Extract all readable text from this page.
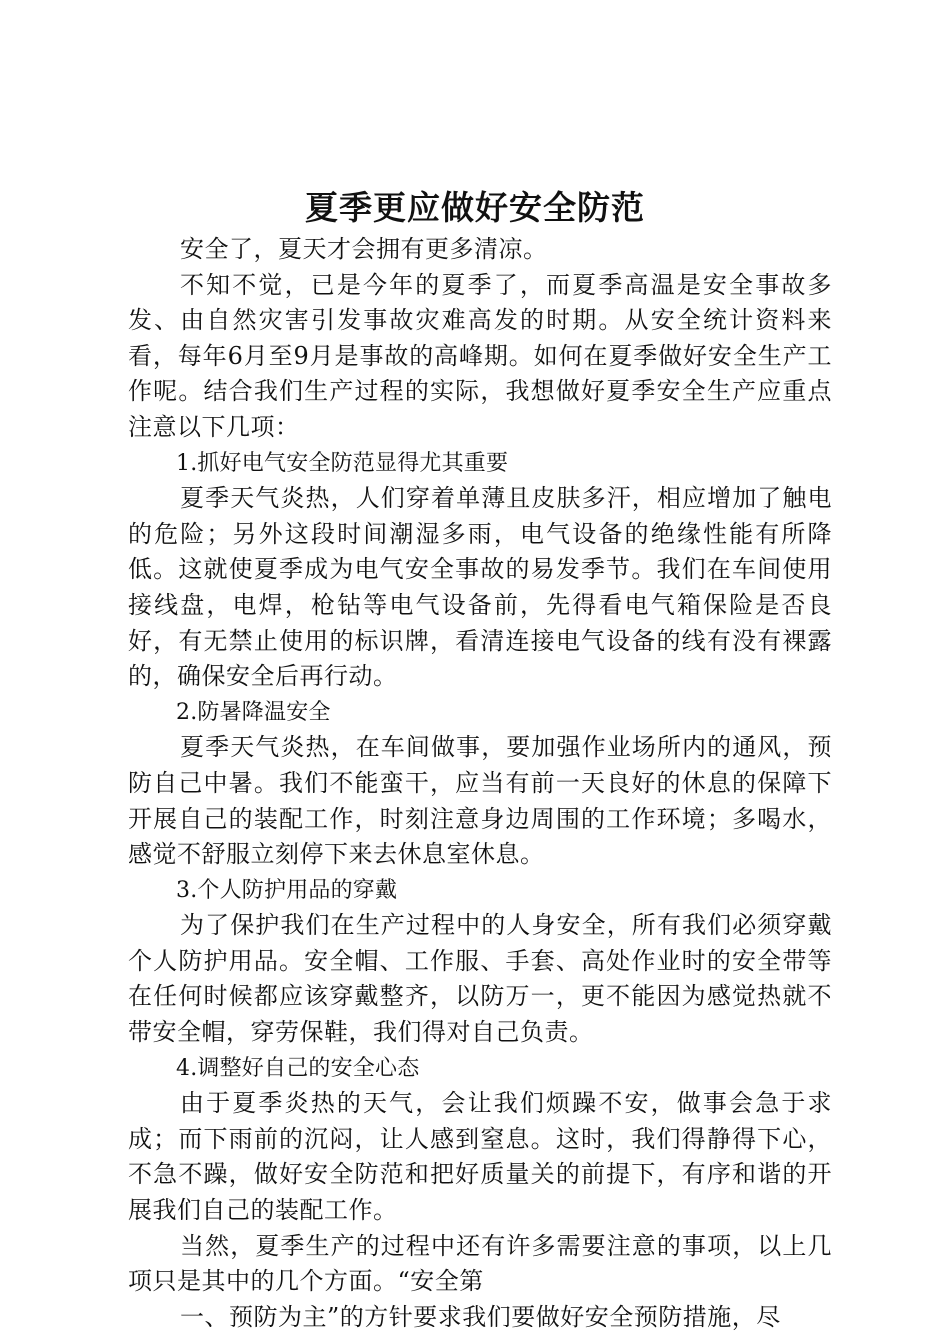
夏季更应做好安全防范

安全了，夏天才会拥有更多清凉。

不知不觉，已是今年的夏季了，而夏季高温是安全事故多发、由自然灾害引发事故灾难高发的时期。从安全统计资料来看，每年6月至9月是事故的高峰期。如何在夏季做好安全生产工作呢。结合我们生产过程的实际，我想做好夏季安全生产应重点注意以下几项：

1.抓好电气安全防范显得尤其重要

夏季天气炎热，人们穿着单薄且皮肤多汗，相应增加了触电的危险；另外这段时间潮湿多雨，电气设备的绝缘性能有所降低。这就使夏季成为电气安全事故的易发季节。我们在车间使用接线盘，电焊，枪钻等电气设备前，先得看电气箱保险是否良好，有无禁止使用的标识牌，看清连接电气设备的线有没有裸露的，确保安全后再行动。

2.防暑降温安全

夏季天气炎热，在车间做事，要加强作业场所内的通风，预防自己中暑。我们不能蛮干，应当有前一天良好的休息的保障下开展自己的装配工作，时刻注意身边周围的工作环境；多喝水，感觉不舒服立刻停下来去休息室休息。

3.个人防护用品的穿戴

为了保护我们在生产过程中的人身安全，所有我们必须穿戴个人防护用品。安全帽、工作服、手套、高处作业时的安全带等在任何时候都应该穿戴整齐，以防万一，更不能因为感觉热就不带安全帽，穿劳保鞋，我们得对自己负责。

4.调整好自己的安全心态

由于夏季炎热的天气，会让我们烦躁不安，做事会急于求成；而下雨前的沉闷，让人感到窒息。这时，我们得静得下心，不急不躁，做好安全防范和把好质量关的前提下，有序和谐的开展我们自己的装配工作。

当然，夏季生产的过程中还有许多需要注意的事项，以上几项只是其中的几个方面。“安全第

一、预防为主”的方针要求我们要做好安全预防措施，尽
